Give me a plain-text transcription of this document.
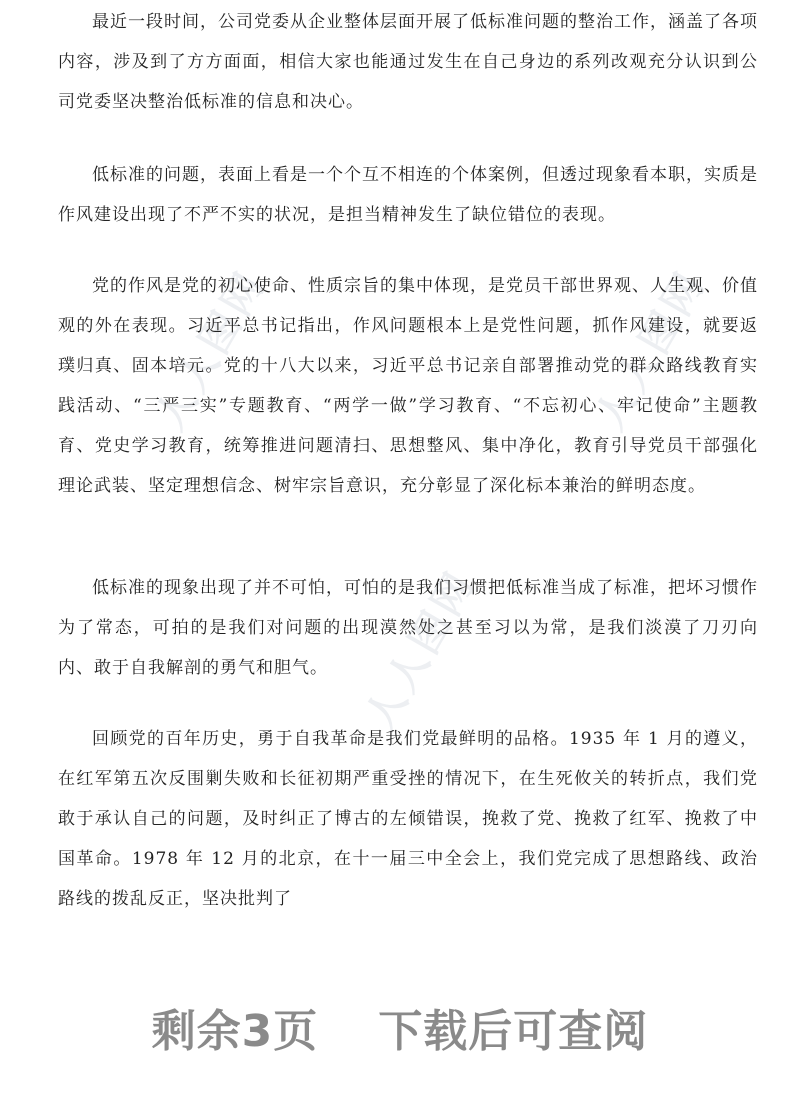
人人图网	人人图网
人人图网

最近一段时间，公司党委从企业整体层面开展了低标准问题的整治工作，涵盖了各项内容，涉及到了方方面面，相信大家也能通过发生在自己身边的系列改观充分认识到公司党委坚决整治低标准的信息和决心。

低标准的问题，表面上看是一个个互不相连的个体案例，但透过现象看本职，实质是作风建设出现了不严不实的状况，是担当精神发生了缺位错位的表现。

党的作风是党的初心使命、性质宗旨的集中体现，是党员干部世界观、人生观、价值观的外在表现。习近平总书记指出，作风问题根本上是党性问题，抓作风建设，就要返璞归真、固本培元。党的十八大以来，习近平总书记亲自部署推动党的群众路线教育实践活动、“三严三实”专题教育、“两学一做”学习教育、“不忘初心、牢记使命”主题教育、党史学习教育，统筹推进问题清扫、思想整风、集中净化，教育引导党员干部强化理论武装、坚定理想信念、树牢宗旨意识，充分彰显了深化标本兼治的鲜明态度。

低标准的现象出现了并不可怕，可怕的是我们习惯把低标准当成了标准，把坏习惯作为了常态，可拍的是我们对问题的出现漠然处之甚至习以为常，是我们淡漠了刀刃向内、敢于自我解剖的勇气和胆气。

回顾党的百年历史，勇于自我革命是我们党最鲜明的品格。1935 年 1 月的遵义，在红军第五次反围剿失败和长征初期严重受挫的情况下，在生死攸关的转折点，我们党敢于承认自己的问题，及时纠正了博古的左倾错误，挽救了党、挽救了红军、挽救了中国革命。1978 年 12 月的北京，在十一届三中全会上，我们党完成了思想路线、政治路线的拨乱反正，坚决批判了

剩余3页 下载后可查阅
